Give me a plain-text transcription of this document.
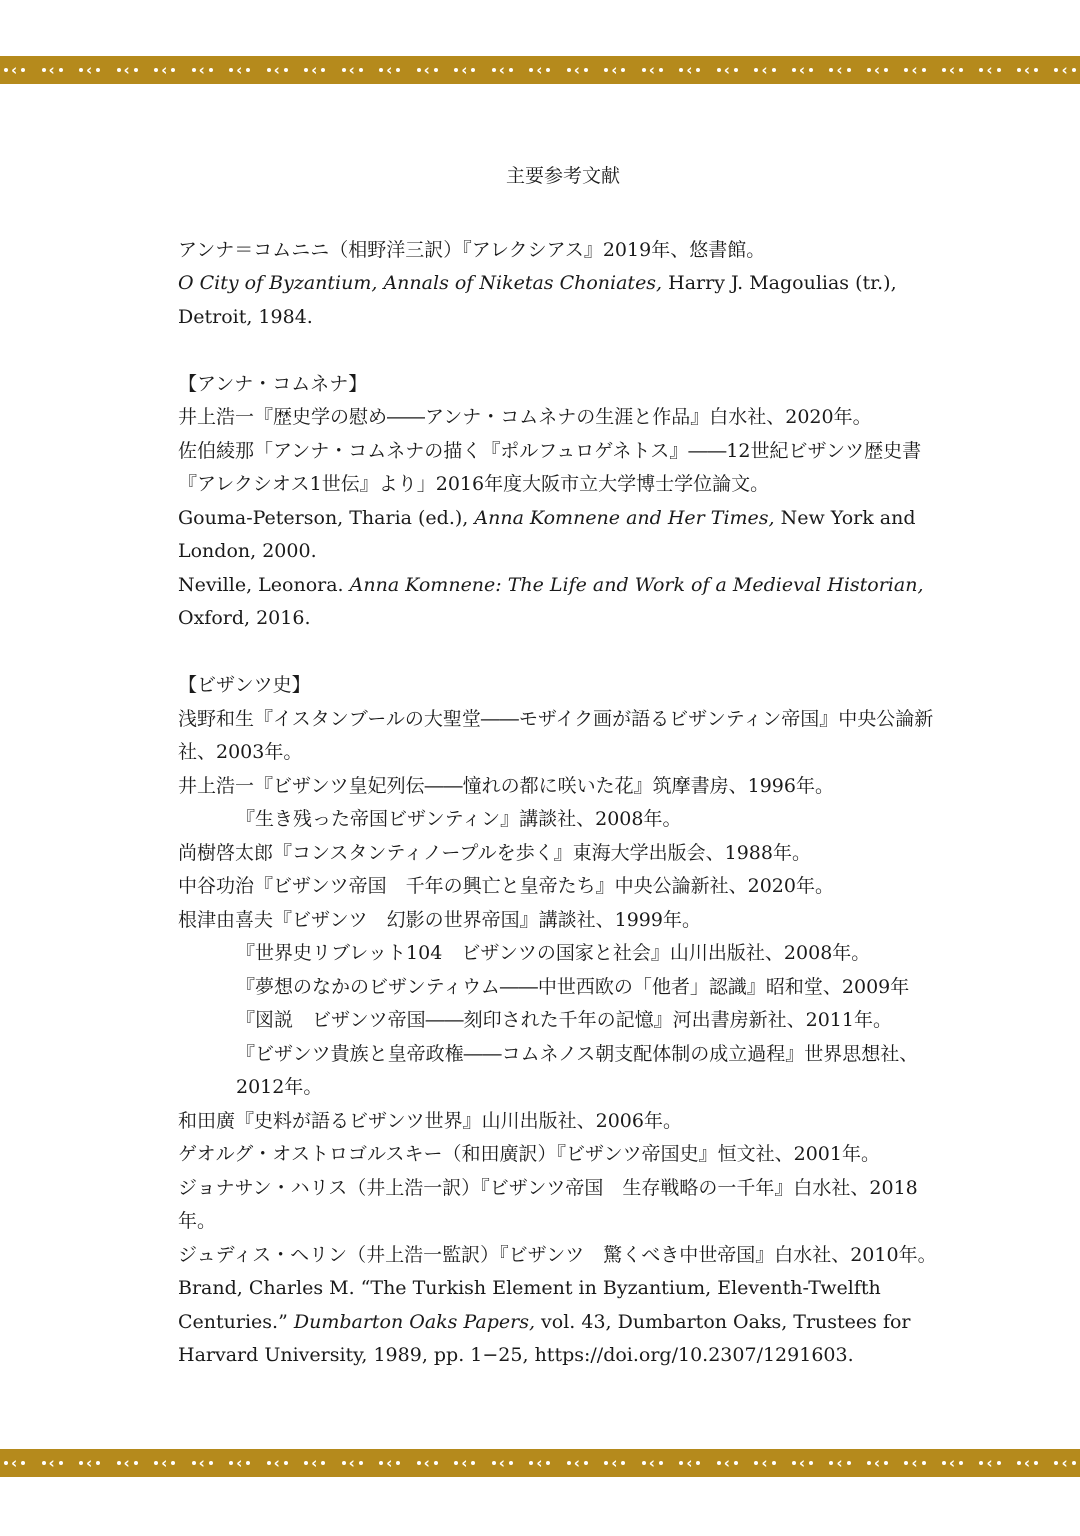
‹ ‹ ‹ ‹ ‹ ‹ ‹ ‹ ‹ ‹ ‹ ‹ ‹ ‹ ‹ ‹ ‹ ‹ ‹ ‹ ‹ ‹ ‹ ‹ ‹ ‹ ‹ ‹ ‹
主要参考文献

アンナ＝コムニニ（相野洋三訳）『アレクシアス』2019年、悠書館。

O City of Byzantium, Annals of Niketas Choniates, Harry J. Magoulias (tr.), Detroit, 1984.

【アンナ・コムネナ】

井上浩一『歴史学の慰め――アンナ・コムネナの生涯と作品』白水社、2020年。

佐伯綾那「アンナ・コムネナの描く『ポルフュロゲネトス』――12世紀ビザンツ歴史書『アレクシオス1世伝』より」2016年度大阪市立大学博士学位論文。

Gouma-Peterson, Tharia (ed.), Anna Komnene and Her Times, New York and London, 2000.

Neville, Leonora. Anna Komnene: The Life and Work of a Medieval Historian, Oxford, 2016.

【ビザンツ史】

浅野和生『イスタンブールの大聖堂――モザイク画が語るビザンティン帝国』中央公論新社、2003年。

井上浩一『ビザンツ皇妃列伝――憧れの都に咲いた花』筑摩書房、1996年。

『生き残った帝国ビザンティン』講談社、2008年。

尚樹啓太郎『コンスタンティノープルを歩く』東海大学出版会、1988年。

中谷功治『ビザンツ帝国　千年の興亡と皇帝たち』中央公論新社、2020年。

根津由喜夫『ビザンツ　幻影の世界帝国』講談社、1999年。

『世界史リブレット104　ビザンツの国家と社会』山川出版社、2008年。

『夢想のなかのビザンティウム――中世西欧の「他者」認識』昭和堂、2009年

『図説　ビザンツ帝国――刻印された千年の記憶』河出書房新社、2011年。

『ビザンツ貴族と皇帝政権――コムネノス朝支配体制の成立過程』世界思想社、2012年。

和田廣『史料が語るビザンツ世界』山川出版社、2006年。

ゲオルグ・オストロゴルスキー（和田廣訳）『ビザンツ帝国史』恒文社、2001年。

ジョナサン・ハリス（井上浩一訳）『ビザンツ帝国　生存戦略の一千年』白水社、2018年。

ジュディス・ヘリン（井上浩一監訳）『ビザンツ　驚くべき中世帝国』白水社、2010年。

Brand, Charles M. “The Turkish Element in Byzantium, Eleventh-Twelfth Centuries.” Dumbarton Oaks Papers, vol. 43, Dumbarton Oaks, Trustees for Harvard University, 1989, pp. 1−25, https://doi.org/10.2307/1291603.

‹ ‹ ‹ ‹ ‹ ‹ ‹ ‹ ‹ ‹ ‹ ‹ ‹ ‹ ‹ ‹ ‹ ‹ ‹ ‹ ‹ ‹ ‹ ‹ ‹ ‹ ‹ ‹ ‹
